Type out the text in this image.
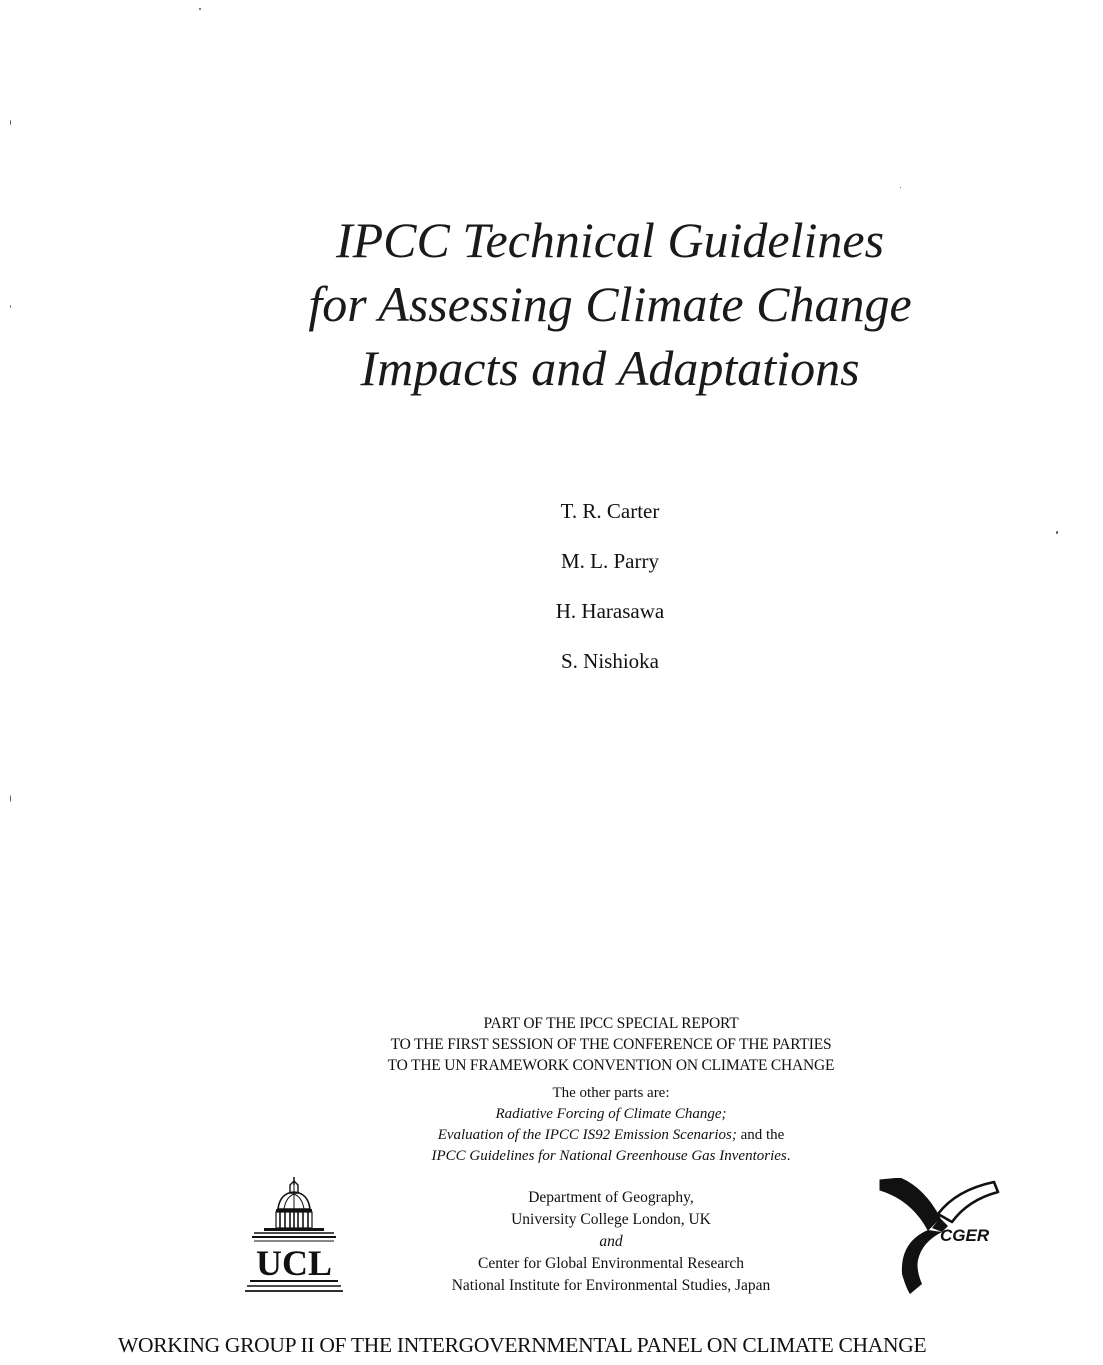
IPCC Technical Guidelines
for Assessing Climate Change
Impacts and Adaptations
T. R. Carter
M. L. Parry
H. Harasawa
S. Nishioka
PART OF THE IPCC SPECIAL REPORT
TO THE FIRST SESSION OF THE CONFERENCE OF THE PARTIES
TO THE UN FRAMEWORK CONVENTION ON CLIMATE CHANGE
The other parts are:
Radiative Forcing of Climate Change;
Evaluation of the IPCC IS92 Emission Scenarios; and the
IPCC Guidelines for National Greenhouse Gas Inventories.
UCL
Department of Geography,
University College London, UK
and
Center for Global Environmental Research
National Institute for Environmental Studies, Japan
CGER
WORKING GROUP II OF THE INTERGOVERNMENTAL PANEL ON CLIMATE CHANGE
